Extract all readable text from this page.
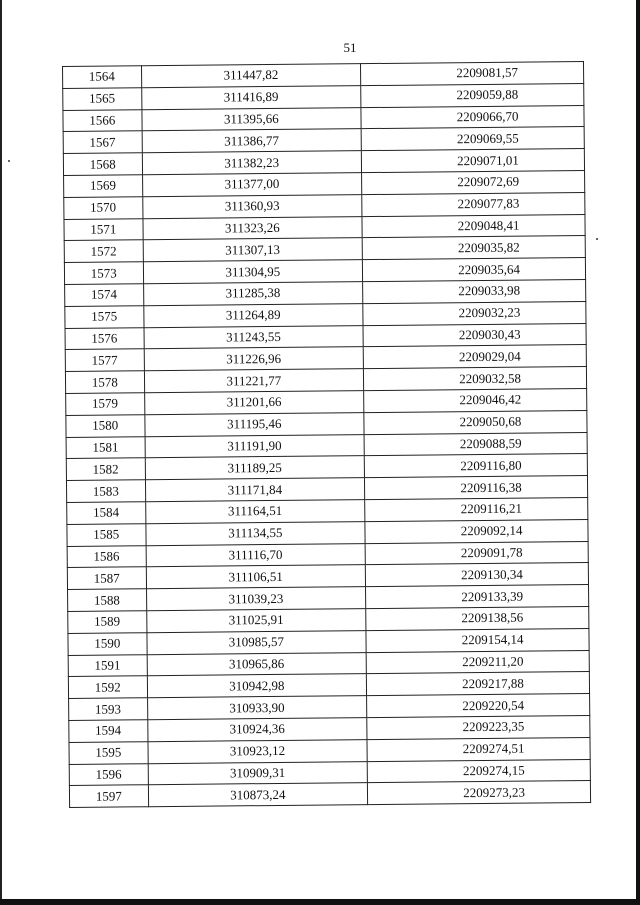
51
1564	311447,82	2209081,57
1565	311416,89	2209059,88
1566	311395,66	2209066,70
1567	311386,77	2209069,55
1568	311382,23	2209071,01
1569	311377,00	2209072,69
1570	311360,93	2209077,83
1571	311323,26	2209048,41
1572	311307,13	2209035,82
1573	311304,95	2209035,64
1574	311285,38	2209033,98
1575	311264,89	2209032,23
1576	311243,55	2209030,43
1577	311226,96	2209029,04
1578	311221,77	2209032,58
1579	311201,66	2209046,42
1580	311195,46	2209050,68
1581	311191,90	2209088,59
1582	311189,25	2209116,80
1583	311171,84	2209116,38
1584	311164,51	2209116,21
1585	311134,55	2209092,14
1586	311116,70	2209091,78
1587	311106,51	2209130,34
1588	311039,23	2209133,39
1589	311025,91	2209138,56
1590	310985,57	2209154,14
1591	310965,86	2209211,20
1592	310942,98	2209217,88
1593	310933,90	2209220,54
1594	310924,36	2209223,35
1595	310923,12	2209274,51
1596	310909,31	2209274,15
1597	310873,24	2209273,23
